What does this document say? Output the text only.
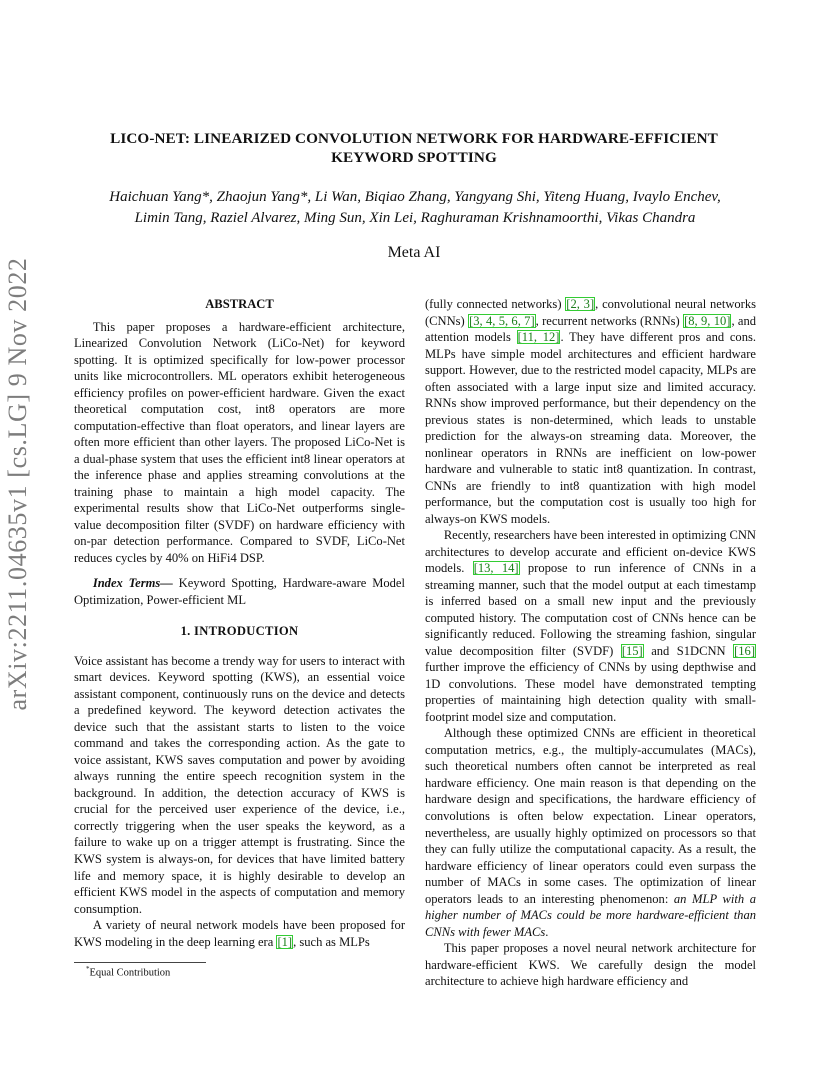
arXiv:2211.04635v1 [cs.LG] 9 Nov 2022
LICO-NET: LINEARIZED CONVOLUTION NETWORK FOR HARDWARE-EFFICIENT
KEYWORD SPOTTING
Haichuan Yang*, Zhaojun Yang*, Li Wan, Biqiao Zhang, Yangyang Shi, Yiteng Huang, Ivaylo Enchev,
Limin Tang, Raziel Alvarez, Ming Sun, Xin Lei, Raghuraman Krishnamoorthi, Vikas Chandra
Meta AI
ABSTRACT

This paper proposes a hardware-efficient architecture, Linearized Convolution Network (LiCo-Net) for keyword spotting. It is optimized specifically for low-power processor units like microcontrollers. ML operators exhibit heterogeneous efficiency profiles on power-efficient hardware. Given the exact theoretical computation cost, int8 operators are more computation-effective than float operators, and linear layers are often more efficient than other layers. The proposed LiCo-Net is a dual-phase system that uses the efficient int8 linear operators at the inference phase and applies streaming convolutions at the training phase to maintain a high model capacity. The experimental results show that LiCo-Net outperforms single-value decomposition filter (SVDF) on hardware efficiency with on-par detection performance. Compared to SVDF, LiCo-Net reduces cycles by 40% on HiFi4 DSP.

Index Terms— Keyword Spotting, Hardware-aware Model Optimization, Power-efficient ML

1. INTRODUCTION

Voice assistant has become a trendy way for users to interact with smart devices. Keyword spotting (KWS), an essential voice assistant component, continuously runs on the device and detects a predefined keyword. The keyword detection activates the device such that the assistant starts to listen to the voice command and takes the corresponding action. As the gate to voice assistant, KWS saves computation and power by avoiding always running the entire speech recognition system in the background. In addition, the detection accuracy of KWS is crucial for the perceived user experience of the device, i.e., correctly triggering when the user speaks the keyword, as a failure to wake up on a trigger attempt is frustrating. Since the KWS system is always-on, for devices that have limited battery life and memory space, it is highly desirable to develop an efficient KWS model in the aspects of computation and memory consumption.

A variety of neural network models have been proposed for KWS modeling in the deep learning era [1], such as MLPs

(fully connected networks) [2, 3], convolutional neural networks (CNNs) [3, 4, 5, 6, 7], recurrent networks (RNNs) [8, 9, 10], and attention models [11, 12]. They have different pros and cons. MLPs have simple model architectures and efficient hardware support. However, due to the restricted model capacity, MLPs are often associated with a large input size and limited accuracy. RNNs show improved performance, but their dependency on the previous states is non-determined, which leads to unstable prediction for the always-on streaming data. Moreover, the nonlinear operators in RNNs are inefficient on low-power hardware and vulnerable to static int8 quantization. In contrast, CNNs are friendly to int8 quantization with high model performance, but the computation cost is usually too high for always-on KWS models.

Recently, researchers have been interested in optimizing CNN architectures to develop accurate and efficient on-device KWS models. [13, 14] propose to run inference of CNNs in a streaming manner, such that the model output at each timestamp is inferred based on a small new input and the previously computed history. The computation cost of CNNs hence can be significantly reduced. Following the streaming fashion, singular value decomposition filter (SVDF) [15] and S1DCNN [16] further improve the efficiency of CNNs by using depthwise and 1D convolutions. These model have demonstrated tempting properties of maintaining high detection quality with small-footprint model size and computation.

Although these optimized CNNs are efficient in theoretical computation metrics, e.g., the multiply-accumulates (MACs), such theoretical numbers often cannot be interpreted as real hardware efficiency. One main reason is that depending on the hardware design and specifications, the hardware efficiency of convolutions is often below expectation. Linear operators, nevertheless, are usually highly optimized on processors so that they can fully utilize the computational capacity. As a result, the hardware efficiency of linear operators could even surpass the number of MACs in some cases. The optimization of linear operators leads to an interesting phenomenon: an MLP with a higher number of MACs could be more hardware-efficient than CNNs with fewer MACs.

This paper proposes a novel neural network architecture for hardware-efficient KWS. We carefully design the model architecture to achieve high hardware efficiency and

*Equal Contribution
